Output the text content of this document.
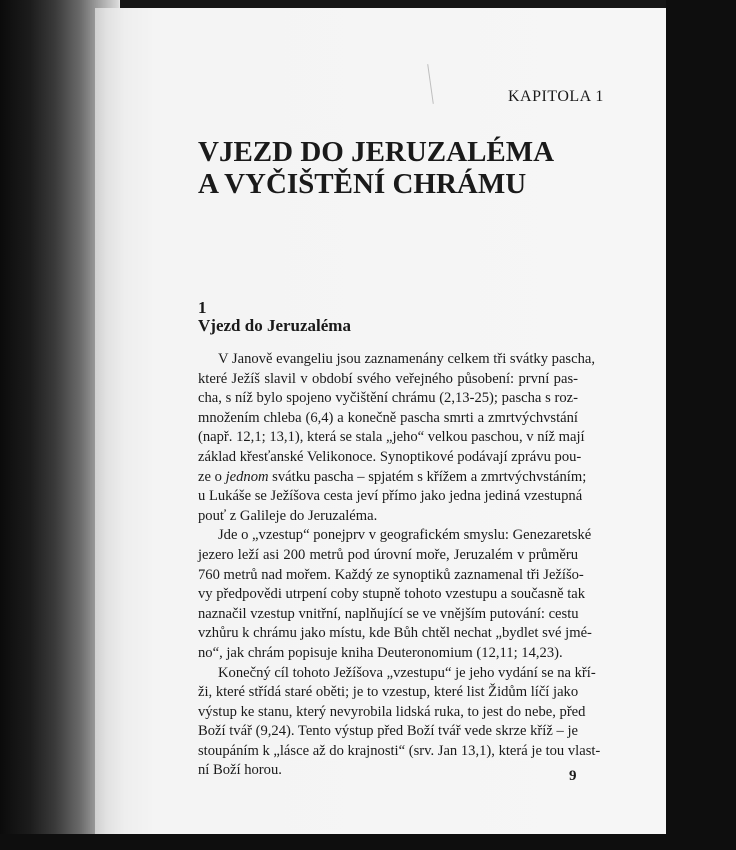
KAPITOLA 1
VJEZD DO JERUZALÉMA
A VYČIŠTĚNÍ CHRÁMU
1
Vjezd do Jeruzaléma
V Janově evangeliu jsou zaznamenány celkem tři svátky pascha,
které Ježíš slavil v období svého veřejného působení: první pas-
cha, s níž bylo spojeno vyčištění chrámu (2,13-25); pascha s roz-
množením chleba (6,4) a konečně pascha smrti a zmrtvýchvstání
(např. 12,1; 13,1), která se stala „jeho“ velkou paschou, v níž mají
základ křesťanské Velikonoce. Synoptikové podávají zprávu pou-
ze o jednom svátku pascha – spjatém s křížem a zmrtvýchvstáním;
u Lukáše se Ježíšova cesta jeví přímo jako jedna jediná vzestupná
pouť z Galileje do Jeruzaléma.
Jde o „vzestup“ ponejprv v geografickém smyslu: Genezaretské
jezero leží asi 200 metrů pod úrovní moře, Jeruzalém v průměru
760 metrů nad mořem. Každý ze synoptiků zaznamenal tři Ježíšo-
vy předpovědi utrpení coby stupně tohoto vzestupu a současně tak
naznačil vzestup vnitřní, naplňující se ve vnějším putování: cestu
vzhůru k chrámu jako místu, kde Bůh chtěl nechat „bydlet své jmé-
no“, jak chrám popisuje kniha Deuteronomium (12,11; 14,23).
Konečný cíl tohoto Ježíšova „vzestupu“ je jeho vydání se na kří-
ži, které střídá staré oběti; je to vzestup, které list Židům líčí jako
výstup ke stanu, který nevyrobila lidská ruka, to jest do nebe, před
Boží tvář (9,24). Tento výstup před Boží tvář vede skrze kříž – je
stoupáním k „lásce až do krajnosti“ (srv. Jan 13,1), která je tou vlast-
ní Boží horou.	9
